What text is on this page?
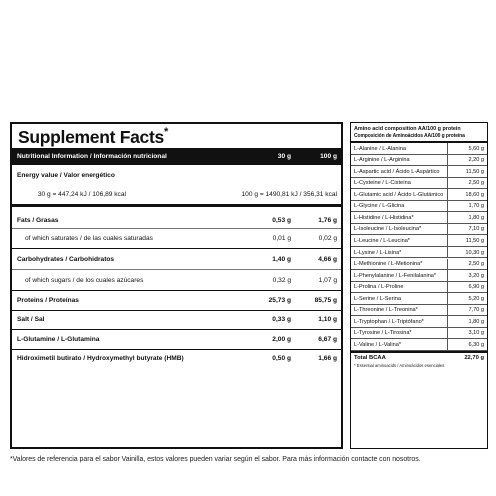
Supplement Facts*
Nutritional Information / Información nutricional	30 g	100 g
Energy value / Valor energético
30 g = 447,24 kJ / 106,89 kcal	100 g = 1490,81 kJ / 356,31 kcal
Fats / Grasas	0,53 g	1,76 g
of which saturates / de las cuales saturadas	0,01 g	0,02 g
Carbohydrates / Carbohidratos	1,40 g	4,66 g
of which sugars / de los cuales azúcares	0,32 g	1,07 g
Proteins / Proteínas	25,73 g	85,75 g
Salt / Sal	0,33 g	1,10 g
L-Glutamine / L-Glutamina	2,00 g	6,67 g
Hidroximetil butirato / Hydroxymethyl butyrate (HMB)	0,50 g	1,66 g
Amino acid composition AA/100 g protein
Composición de Aminoácidos AA/100 g proteína
L-Alanine / L-Alanina	5,60 g
L-Arginine / L-Arginina	2,20 g
L-Aspartic acid / Ácido L-Aspártico	11,50 g
L-Cysteine / L-Cisteína	2,50 g
L-Glutamic acid / Ácido L-Glutámico	18,60 g
L-Glycine / L-Glicina	1,70 g
L-Histidine / L-Histidina*	1,80 g
L-Isoleucine / L-Isoleucina*	7,10 g
L-Leucine / L-Leucina*	11,50 g
L-Lysine / L-Lisina*	10,30 g
L-Methionine / L-Metionina*	2,50 g
L-Phenylalanine / L-Fenilalanina*	3,20 g
L-Prolina / L-Proline	6,90 g
L-Serine / L-Serina	5,20 g
L-Threonine / L-Treonina*	7,70 g
L-Tryptophan / L-Triptófano*	1,80 g
L-Tyrosine / L-Tirosina*	3,10 g
L-Valine / L-Valina*	6,30 g
Total BCAA	22,70 g
* Essential aminoacids / Aminoácidos esenciales
*Valores de referencia para el sabor Vainilla, estos valores pueden variar según el sabor. Para más información contacte con nosotros.
